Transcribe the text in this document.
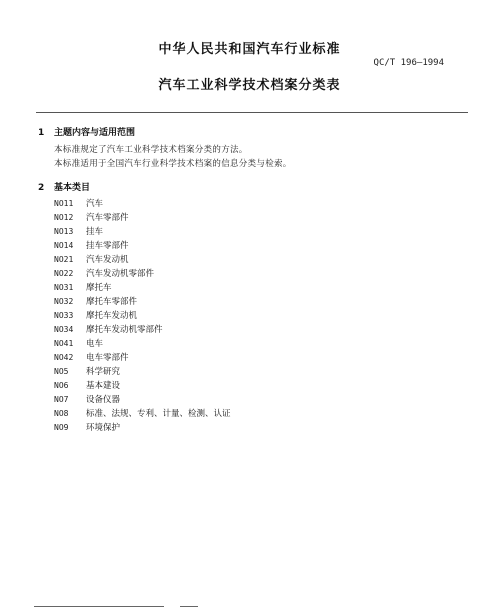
中华人民共和国汽车行业标准
QC/T 196—1994
汽车工业科学技术档案分类表
1 主题内容与适用范围
本标准规定了汽车工业科学技术档案分类的方法。
本标准适用于全国汽车行业科学技术档案的信息分类与检索。
2 基本类目
NO11	汽车
NO12	汽车零部件
NO13	挂车
NO14	挂车零部件
NO21	汽车发动机
NO22	汽车发动机零部件
NO31	摩托车
NO32	摩托车零部件
NO33	摩托车发动机
NO34	摩托车发动机零部件
NO41	电车
NO42	电车零部件
NO5	科学研究
NO6	基本建设
NO7	设备仪器
NO8	标准、法规、专利、计量、检测、认证
NO9	环境保护
